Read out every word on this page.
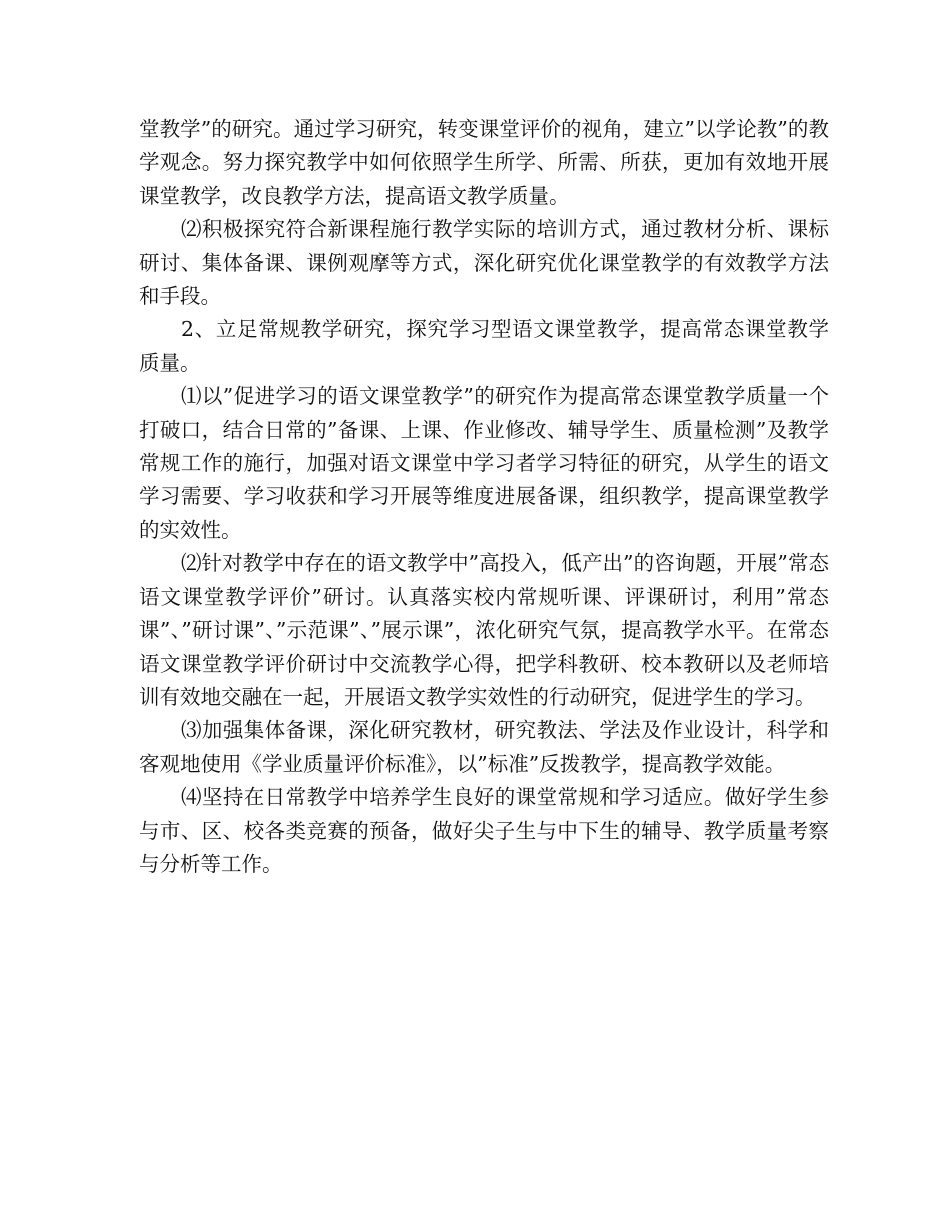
堂教学”的研究。通过学习研究，转变课堂评价的视角，建立”以学论教”的教学观念。努力探究教学中如何依照学生所学、所需、所获，更加有效地开展课堂教学，改良教学方法，提高语文教学质量。

⑵积极探究符合新课程施行教学实际的培训方式，通过教材分析、课标研讨、集体备课、课例观摩等方式，深化研究优化课堂教学的有效教学方法和手段。

2、立足常规教学研究，探究学习型语文课堂教学，提高常态课堂教学质量。

⑴以”促进学习的语文课堂教学”的研究作为提高常态课堂教学质量一个打破口，结合日常的”备课、上课、作业修改、辅导学生、质量检测”及教学常规工作的施行，加强对语文课堂中学习者学习特征的研究，从学生的语文学习需要、学习收获和学习开展等维度进展备课，组织教学，提高课堂教学的实效性。

⑵针对教学中存在的语文教学中”高投入，低产出”的咨询题，开展”常态语文课堂教学评价”研讨。认真落实校内常规听课、评课研讨，利用”常态课”、”研讨课”、”示范课”、”展示课”，浓化研究气氛，提高教学水平。在常态语文课堂教学评价研讨中交流教学心得，把学科教研、校本教研以及老师培训有效地交融在一起，开展语文教学实效性的行动研究，促进学生的学习。

⑶加强集体备课，深化研究教材，研究教法、学法及作业设计，科学和客观地使用《学业质量评价标准》，以”标准”反拨教学，提高教学效能。

⑷坚持在日常教学中培养学生良好的课堂常规和学习适应。做好学生参与市、区、校各类竞赛的预备，做好尖子生与中下生的辅导、教学质量考察与分析等工作。
